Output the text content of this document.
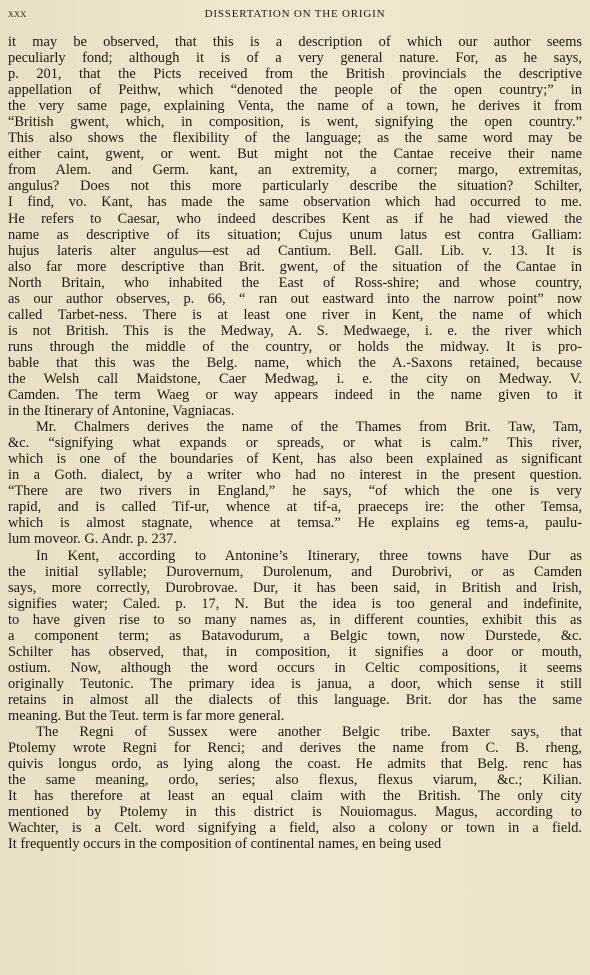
xxx	DISSERTATION ON THE ORIGIN
it may be observed, that this is a description of which our author seems
peculiarly fond; although it is of a very general nature. For, as he says,
p. 201, that the Picts received from the British provincials the descriptive
appellation of Peithw, which “denoted the people of the open country;” in
the very same page, explaining Venta, the name of a town, he derives it from
“British gwent, which, in composition, is went, signifying the open country.”
This also shows the flexibility of the language; as the same word may be
either caint, gwent, or went. But might not the Cantae receive their name
from Alem. and Germ. kant, an extremity, a corner; margo, extremitas,
angulus? Does not this more particularly describe the situation? Schilter,
I find, vo. Kant, has made the same observation which had occurred to me.
He refers to Caesar, who indeed describes Kent as if he had viewed the
name as descriptive of its situation; Cujus unum latus est contra Galliam:
hujus lateris alter angulus—est ad Cantium. Bell. Gall. Lib. v. 13. It is
also far more descriptive than Brit. gwent, of the situation of the Cantae in
North Britain, who inhabited the East of Ross-shire; and whose country,
as our author observes, p. 66, “ ran out eastward into the narrow point” now
called Tarbet-ness. There is at least one river in Kent, the name of which
is not British. This is the Medway, A. S. Medwaege, i. e. the river which
runs through the middle of the country, or holds the midway. It is pro-
bable that this was the Belg. name, which the A.-Saxons retained, because
the Welsh call Maidstone, Caer Medwag, i. e. the city on Medway. V.
Camden. The term Waeg or way appears indeed in the name given to it
in the Itinerary of Antonine, Vagniacas.
Mr. Chalmers derives the name of the Thames from Brit. Taw, Tam,
&c. “signifying what expands or spreads, or what is calm.” This river,
which is one of the boundaries of Kent, has also been explained as significant
in a Goth. dialect, by a writer who had no interest in the present question.
“There are two rivers in England,” he says, “of which the one is very
rapid, and is called Tif-ur, whence at tif-a, praeceps ire: the other Temsa,
which is almost stagnate, whence at temsa.” He explains eg tems-a, paulu-
lum moveor. G. Andr. p. 237.
In Kent, according to Antonine’s Itinerary, three towns have Dur as
the initial syllable; Durovernum, Durolenum, and Durobrivi, or as Camden
says, more correctly, Durobrovae. Dur, it has been said, in British and Irish,
signifies water; Caled. p. 17, N. But the idea is too general and indefinite,
to have given rise to so many names as, in different counties, exhibit this as
a component term; as Batavodurum, a Belgic town, now Durstede, &c.
Schilter has observed, that, in composition, it signifies a door or mouth,
ostium. Now, although the word occurs in Celtic compositions, it seems
originally Teutonic. The primary idea is janua, a door, which sense it still
retains in almost all the dialects of this language. Brit. dor has the same
meaning. But the Teut. term is far more general.
The Regni of Sussex were another Belgic tribe. Baxter says, that
Ptolemy wrote Regni for Renci; and derives the name from C. B. rheng,
quivis longus ordo, as lying along the coast. He admits that Belg. renc has
the same meaning, ordo, series; also flexus, flexus viarum, &c.; Kilian.
It has therefore at least an equal claim with the British. The only city
mentioned by Ptolemy in this district is Nouiomagus. Magus, according to
Wachter, is a Celt. word signifying a field, also a colony or town in a field.
It frequently occurs in the composition of continental names, en being used
